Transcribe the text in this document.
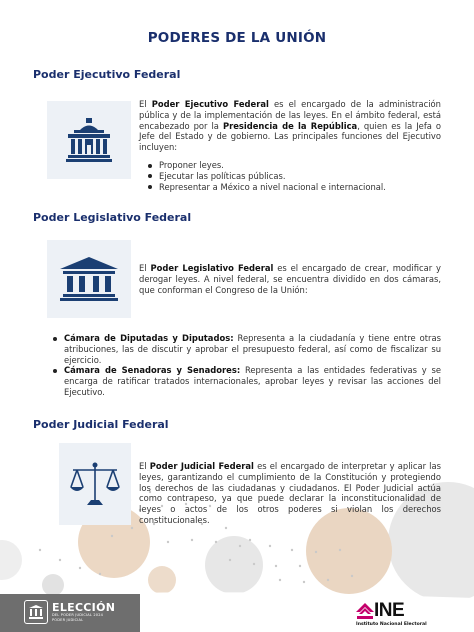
PODERES DE LA UNIÓN
Poder Ejecutivo Federal

El Poder Ejecutivo Federal es el encargado de la administración pública y de la implementación de las leyes. En el ámbito federal, está encabezado por la Presidencia de la República, quien es la Jefa o Jefe del Estado y de gobierno. Las principales funciones del Ejecutivo incluyen:

Proponer leyes.
Ejecutar las políticas públicas.
Representar a México a nivel nacional e internacional.
Poder Legislativo Federal

El Poder Legislativo Federal es el encargado de crear, modificar y derogar leyes. A nivel federal, se encuentra dividido en dos cámaras, que conforman el Congreso de la Unión:

Cámara de Diputadas y Diputados: Representa a la ciudadanía y tiene entre otras atribuciones, las de discutir y aprobar el presupuesto federal, así como de fiscalizar su ejercicio.
Cámara de Senadoras y Senadores: Representa a las entidades federativas y se encarga de ratificar tratados internacionales, aprobar leyes y revisar las acciones del Ejecutivo.
Poder Judicial Federal

El Poder Judicial Federal es el encargado de interpretar y aplicar las leyes, garantizando el cumplimiento de la Constitución y protegiendo los derechos de las ciudadanas y ciudadanos. El Poder Judicial actúa como contrapeso, ya que puede declarar la inconstitucionalidad de leyes o actos de los otros poderes si violan los derechos constitucionales.

ELECCIÓN
DEL PODER JUDICIAL 2024
PODER JUDICIAL	INE
Instituto Nacional Electoral
